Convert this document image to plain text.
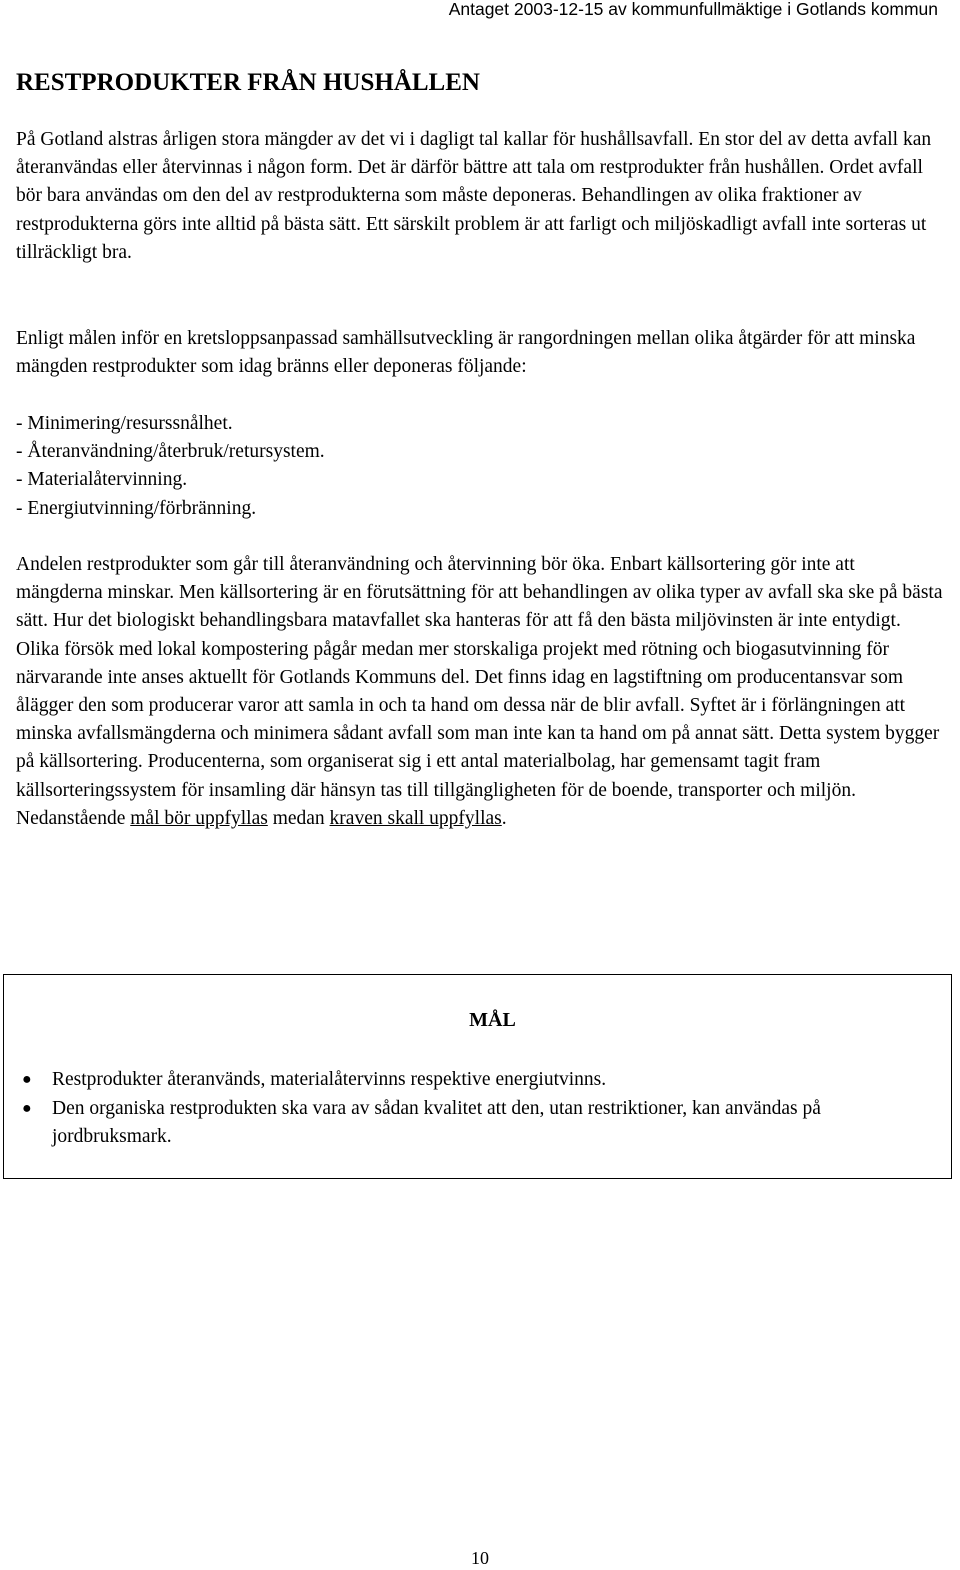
Antaget 2003-12-15 av kommunfullmäktige i Gotlands kommun
RESTPRODUKTER FRÅN HUSHÅLLEN

På Gotland alstras årligen stora mängder av det vi i dagligt tal kallar för hushållsavfall. En stor del av detta avfall kan återanvändas eller återvinnas i någon form. Det är därför bättre att tala om restprodukter från hushållen. Ordet avfall bör bara användas om den del av restprodukterna som måste deponeras. Behandlingen av olika fraktioner av restprodukterna görs inte alltid på bästa sätt. Ett särskilt problem är att farligt och miljöskadligt avfall inte sorteras ut tillräckligt bra.

Enligt målen inför en kretsloppsanpassad samhällsutveckling är rangordningen mellan olika åtgärder för att minska mängden restprodukter som idag bränns eller deponeras följande:

- Minimering/resurssnålhet.
- Återanvändning/återbruk/retursystem.
- Materialåtervinning.
- Energiutvinning/förbränning.

Andelen restprodukter som går till återanvändning och återvinning bör öka. Enbart källsortering gör inte att mängderna minskar. Men källsortering är en förutsättning för att behandlingen av olika typer av avfall ska ske på bästa sätt. Hur det biologiskt behandlingsbara matavfallet ska hanteras för att få den bästa miljövinsten är inte entydigt. Olika försök med lokal kompostering pågår medan mer storskaliga projekt med rötning och biogasutvinning för närvarande inte anses aktuellt för Gotlands Kommuns del. Det finns idag en lagstiftning om producentansvar som ålägger den som producerar varor att samla in och ta hand om dessa när de blir avfall. Syftet är i förlängningen att minska avfallsmängderna och minimera sådant avfall som man inte kan ta hand om på annat sätt. Detta system bygger på källsortering. Producenterna, som organiserat sig i ett antal materialbolag, har gemensamt tagit fram källsorteringssystem för insamling där hänsyn tas till tillgängligheten för de boende, transporter och miljön. Nedanstående mål bör uppfyllas medan kraven skall uppfyllas.

MÅL
● Restprodukter återanvänds, materialåtervinns respektive energiutvinns.
● Den organiska restprodukten ska vara av sådan kvalitet att den, utan restriktioner, kan användas på jordbruksmark.
10
